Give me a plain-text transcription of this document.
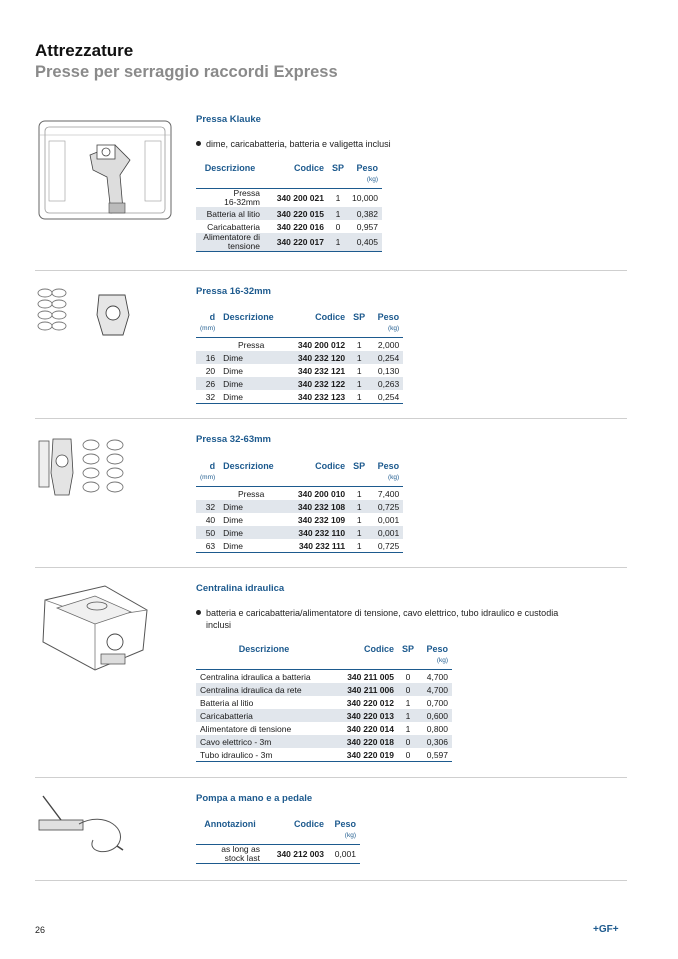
Attrezzature
Presse per serraggio raccordi Express
Pressa Klauke
dime, caricabatteria, batteria e valigetta inclusi
Descrizione	Codice	SP	Peso
			(kg)
Pressa
16-32mm	340 200 021	1	10,000
Batteria al litio	340 220 015	1	0,382
Caricabatteria	340 220 016	0	0,957
Alimentatore di
tensione	340 220 017	1	0,405
Pressa 16-32mm
d	Descrizione	Codice	SP	Peso
(mm)				(kg)
	Pressa	340 200 012	1	2,000
16	Dime	340 232 120	1	0,254
20	Dime	340 232 121	1	0,130
26	Dime	340 232 122	1	0,263
32	Dime	340 232 123	1	0,254
Pressa 32-63mm
d	Descrizione	Codice	SP	Peso
(mm)				(kg)
	Pressa	340 200 010	1	7,400
32	Dime	340 232 108	1	0,725
40	Dime	340 232 109	1	0,001
50	Dime	340 232 110	1	0,001
63	Dime	340 232 111	1	0,725
Centralina idraulica
batteria e caricabatteria/alimentatore di tensione, cavo elettrico, tubo idraulico e custodia
inclusi
Descrizione	Codice	SP	Peso
			(kg)
Centralina idraulica a batteria	340 211 005	0	4,700
Centralina idraulica da rete	340 211 006	0	4,700
Batteria al litio	340 220 012	1	0,700
Caricabatteria	340 220 013	1	0,600
Alimentatore di tensione	340 220 014	1	0,800
Cavo elettrico - 3m	340 220 018	0	0,306
Tubo idraulico - 3m	340 220 019	0	0,597
Pompa a mano e a pedale
Annotazioni	Codice	Peso
		(kg)
as long as
stock last	340 212 003	0,001
26	+GF+
